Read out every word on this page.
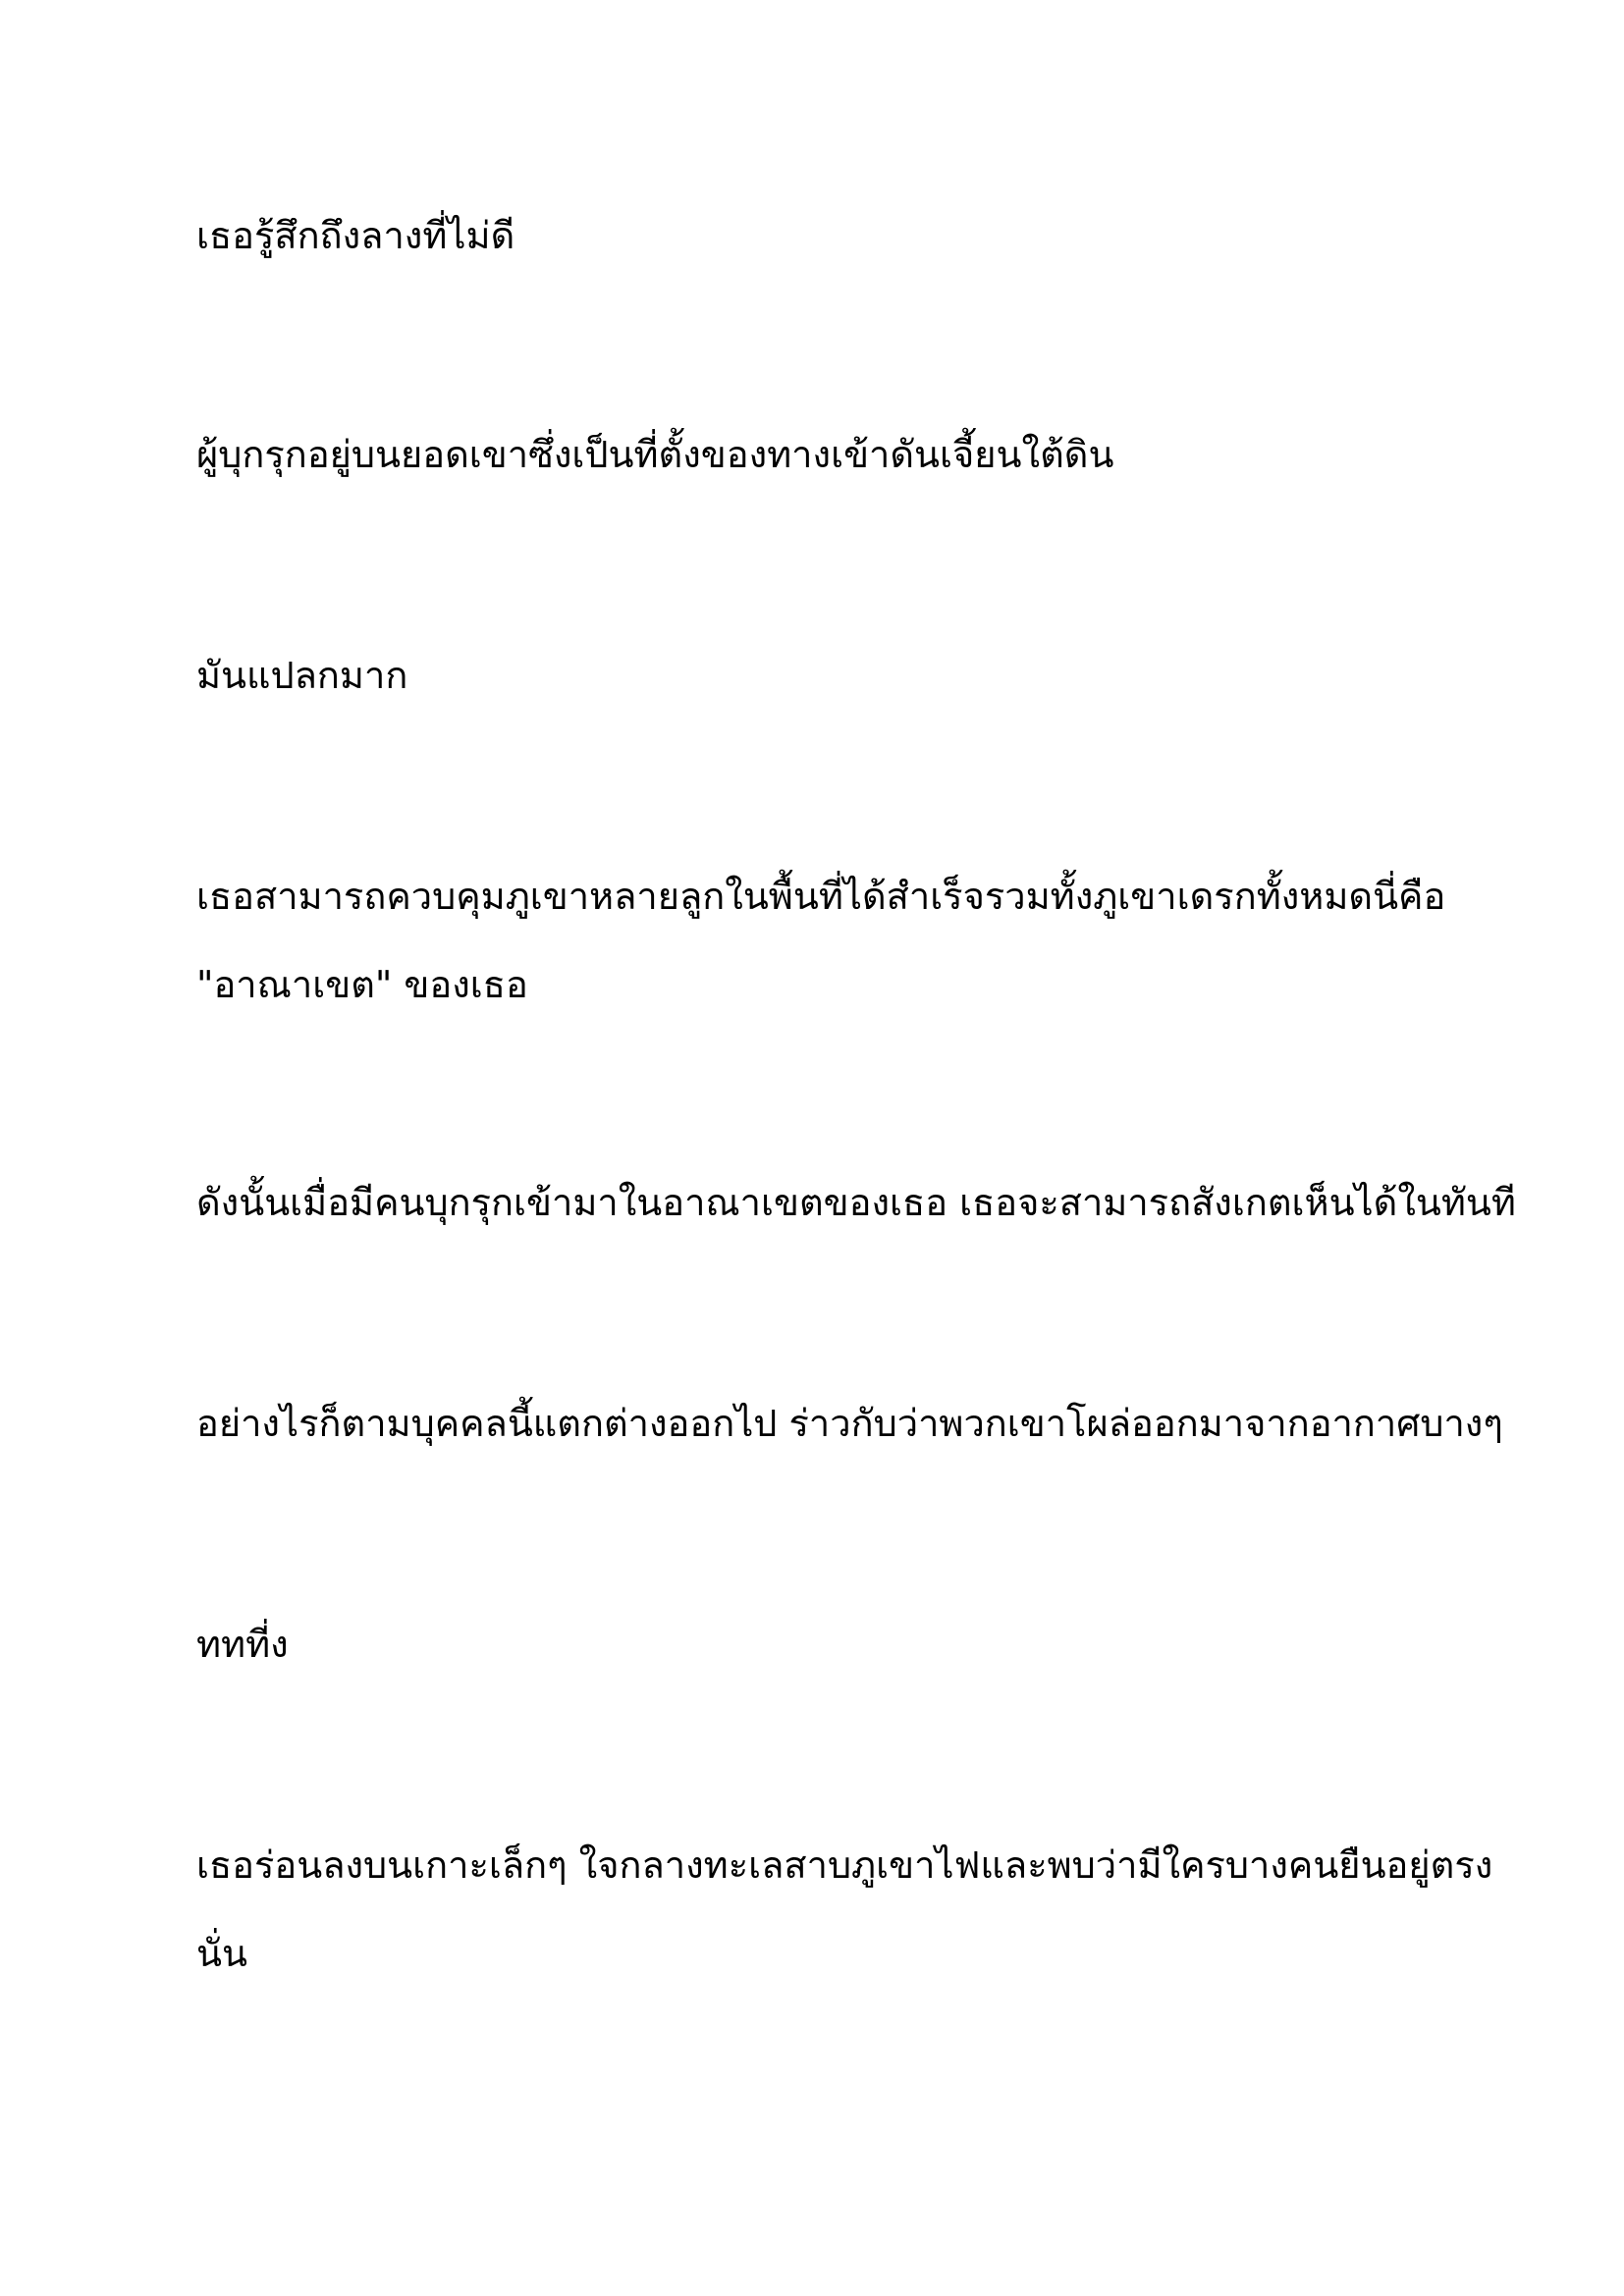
เธอรู้สึกถึงลางที่ไม่ดี

ผู้บุกรุกอยู่บนยอดเขาซึ่งเป็นที่ตั้งของทางเข้าดันเจี้ยนใต้ดิน

มันแปลกมาก

เธอสามารถควบคุมภูเขาหลายลูกในพื้นที่ได้สำเร็จรวมทั้งภูเขาเดรกทั้งหมดนี่คือ
"อาณาเขต" ของเธอ

ดังนั้นเมื่อมีคนบุกรุกเข้ามาในอาณาเขตของเธอ เธอจะสามารถสังเกตเห็นได้ในทันที

อย่างไรก็ตามบุคคลนี้แตกต่างออกไป ร่าวกับว่าพวกเขาโผล่ออกมาจากอากาศบางๆ

ททที่ง

เธอร่อนลงบนเกาะเล็กๆ ใจกลางทะเลสาบภูเขาไฟและพบว่ามีใครบางคนยืนอยู่ตรง
นั่น
